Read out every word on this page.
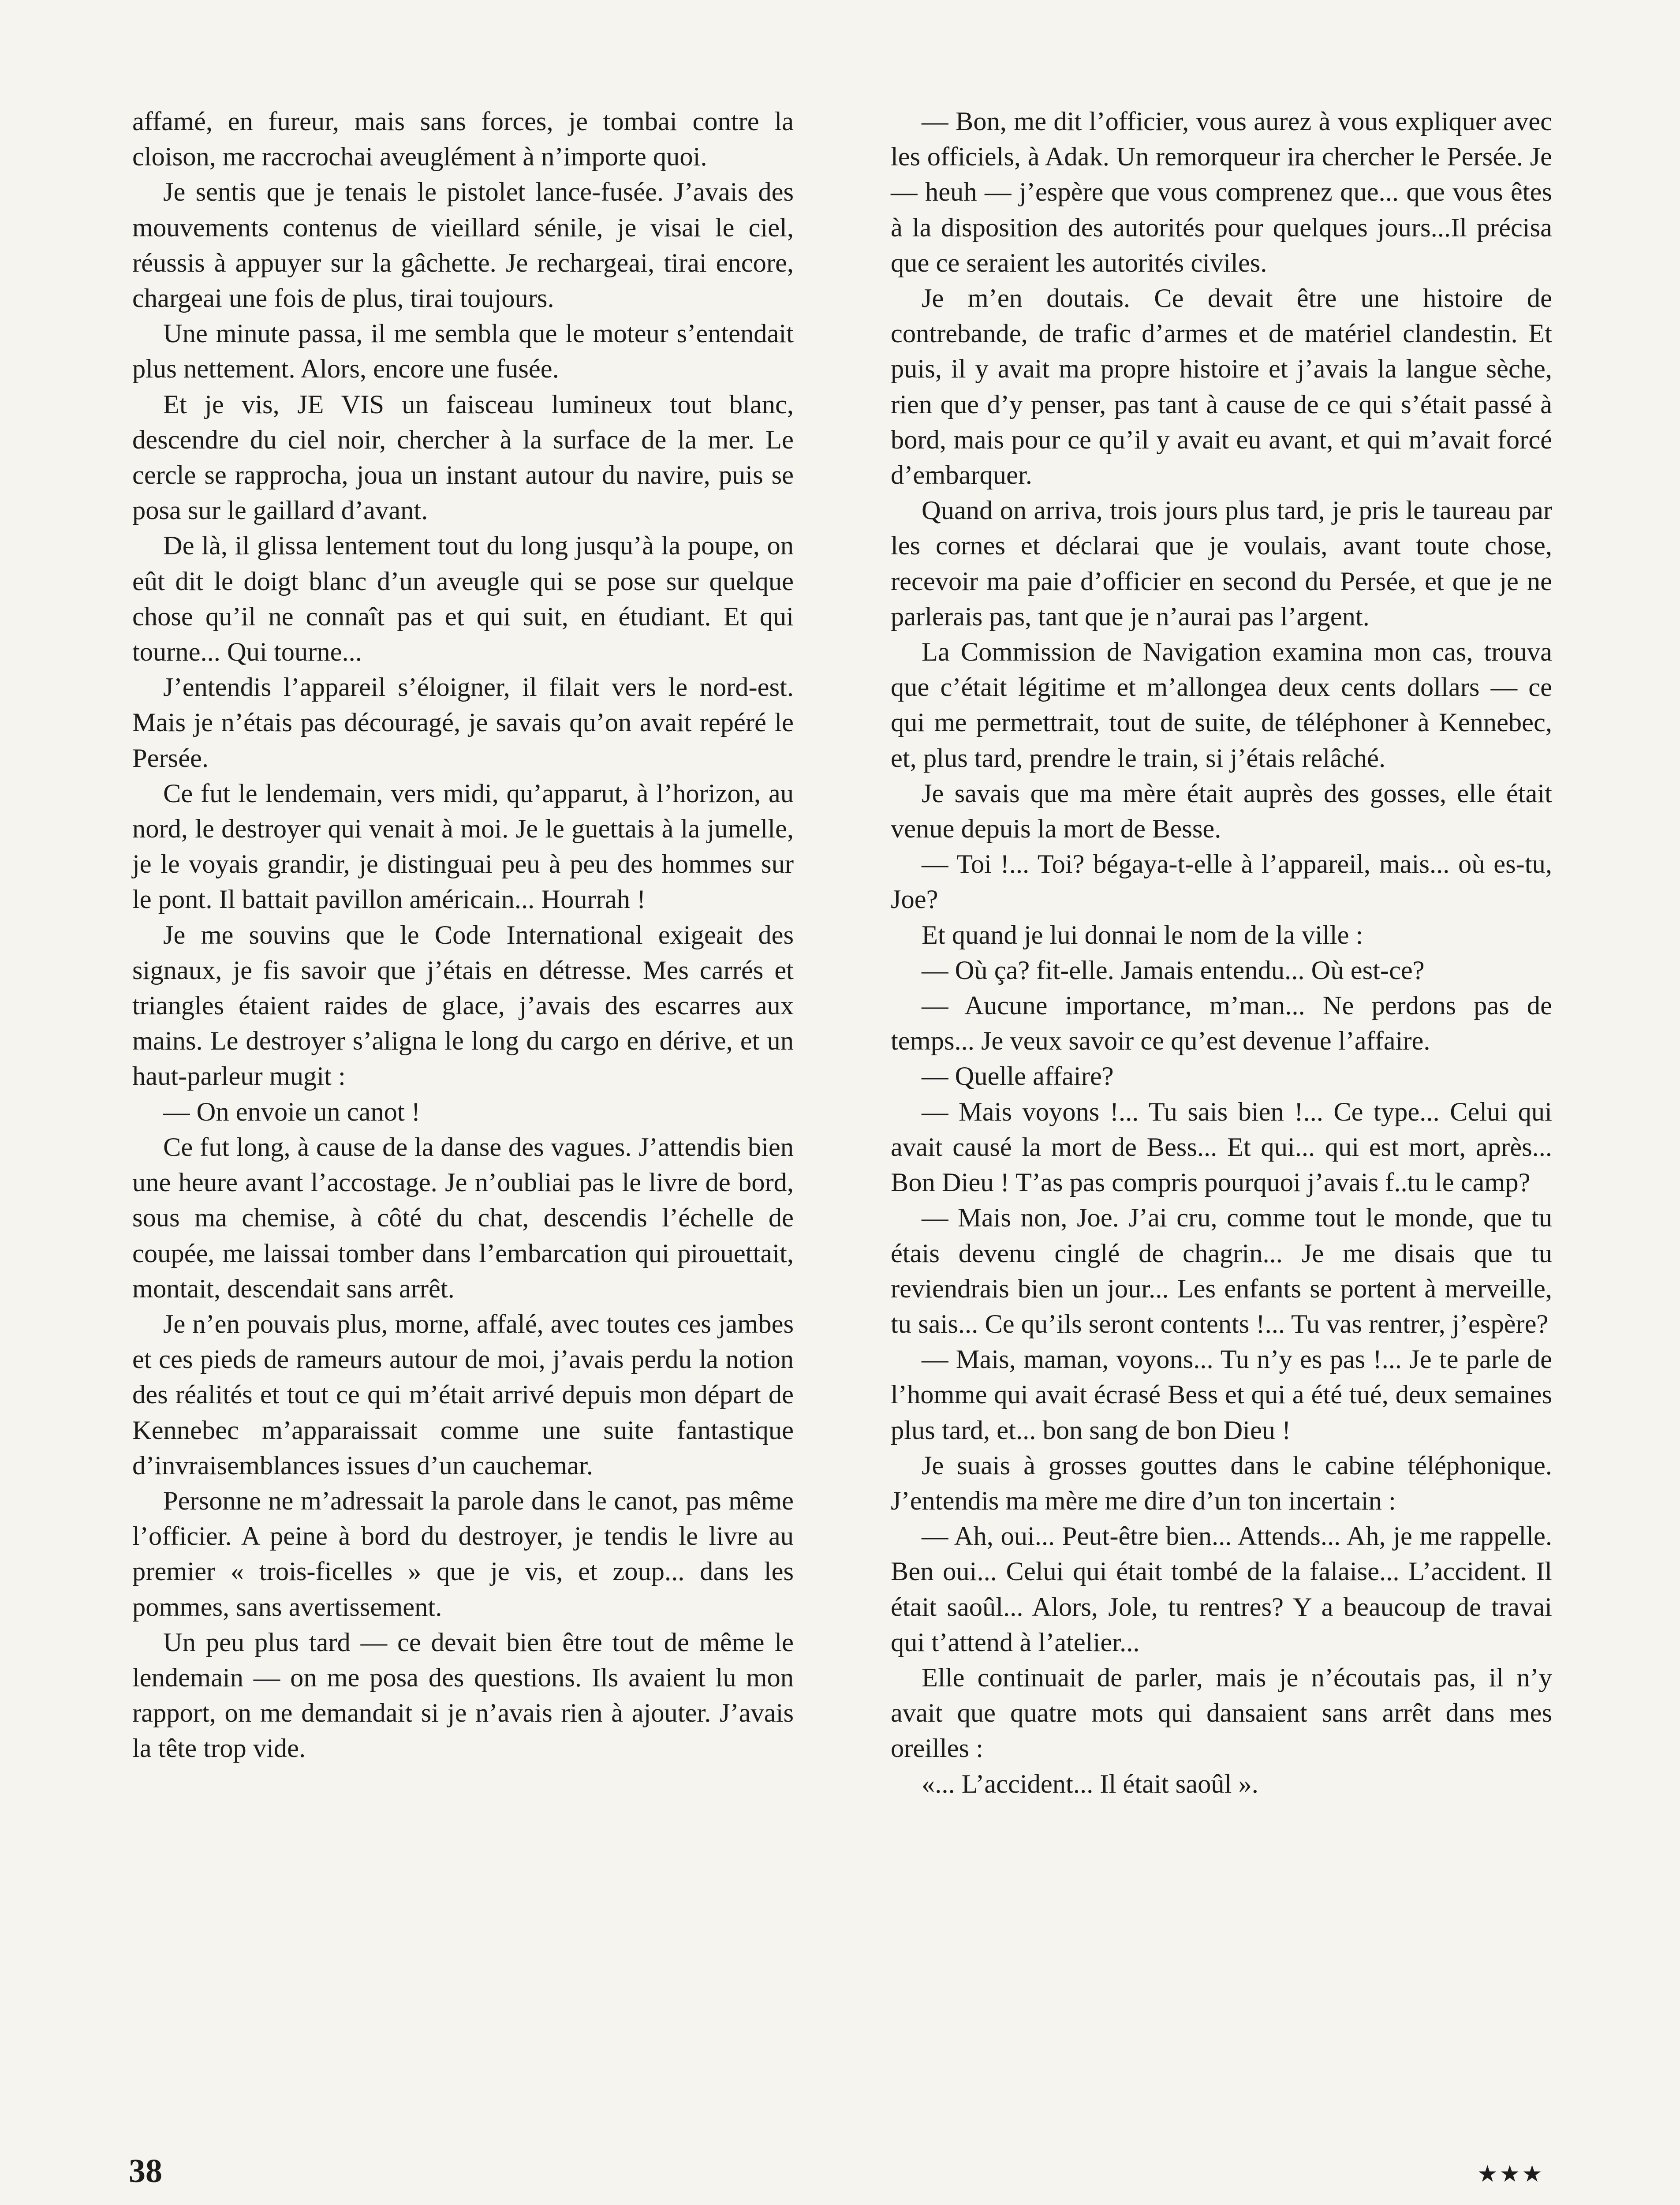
affamé, en fureur, mais sans forces, je tombai contre la cloison, me raccrochai aveuglément à n’importe quoi.

Je sentis que je tenais le pistolet lance-fusée. J’avais des mouvements contenus de vieillard sénile, je visai le ciel, réussis à appuyer sur la gâchette. Je rechargeai, tirai encore, chargeai une fois de plus, tirai toujours.

Une minute passa, il me sembla que le moteur s’entendait plus nettement. Alors, encore une fusée.

Et je vis, JE VIS un faisceau lumineux tout blanc, descendre du ciel noir, chercher à la surface de la mer. Le cercle se rapprocha, joua un instant autour du navire, puis se posa sur le gaillard d’avant.

De là, il glissa lentement tout du long jusqu’à la poupe, on eût dit le doigt blanc d’un aveugle qui se pose sur quelque chose qu’il ne connaît pas et qui suit, en étudiant. Et qui tourne... Qui tourne...

J’entendis l’appareil s’éloigner, il filait vers le nord-est. Mais je n’étais pas découragé, je savais qu’on avait repéré le Persée.

Ce fut le lendemain, vers midi, qu’apparut, à l’horizon, au nord, le destroyer qui venait à moi. Je le guettais à la jumelle, je le voyais grandir, je distinguai peu à peu des hommes sur le pont. Il battait pavillon américain... Hourrah !

Je me souvins que le Code International exigeait des signaux, je fis savoir que j’étais en détresse. Mes carrés et triangles étaient raides de glace, j’avais des escarres aux mains. Le destroyer s’aligna le long du cargo en dérive, et un haut-parleur mugit :

— On envoie un canot !

Ce fut long, à cause de la danse des vagues. J’attendis bien une heure avant l’accostage. Je n’oubliai pas le livre de bord, sous ma chemise, à côté du chat, descendis l’échelle de coupée, me laissai tomber dans l’embarcation qui pirouettait, montait, descendait sans arrêt.

Je n’en pouvais plus, morne, affalé, avec toutes ces jambes et ces pieds de rameurs autour de moi, j’avais perdu la notion des réalités et tout ce qui m’était arrivé depuis mon départ de Kennebec m’apparaissait comme une suite fantastique d’invraisemblances issues d’un cauchemar.

Personne ne m’adressait la parole dans le canot, pas même l’officier. A peine à bord du destroyer, je tendis le livre au premier « trois-ficelles » que je vis, et zoup... dans les pommes, sans avertissement.

Un peu plus tard — ce devait bien être tout de même le lendemain — on me posa des questions. Ils avaient lu mon rapport, on me demandait si je n’avais rien à ajouter. J’avais la tête trop vide.

— Bon, me dit l’officier, vous aurez à vous expliquer avec les officiels, à Adak. Un remorqueur ira chercher le Persée. Je — heuh — j’espère que vous comprenez que... que vous êtes à la disposition des autorités pour quelques jours...Il précisa que ce seraient les autorités civiles.

Je m’en doutais. Ce devait être une histoire de contrebande, de trafic d’armes et de matériel clandestin. Et puis, il y avait ma propre histoire et j’avais la langue sèche, rien que d’y penser, pas tant à cause de ce qui s’était passé à bord, mais pour ce qu’il y avait eu avant, et qui m’avait forcé d’embarquer.

Quand on arriva, trois jours plus tard, je pris le taureau par les cornes et déclarai que je voulais, avant toute chose, recevoir ma paie d’officier en second du Persée, et que je ne parlerais pas, tant que je n’aurai pas l’argent.

La Commission de Navigation examina mon cas, trouva que c’était légitime et m’allongea deux cents dollars — ce qui me permettrait, tout de suite, de téléphoner à Kennebec, et, plus tard, prendre le train, si j’étais relâché.

Je savais que ma mère était auprès des gosses, elle était venue depuis la mort de Besse.

— Toi !... Toi? bégaya-t-elle à l’appareil, mais... où es-tu, Joe?

Et quand je lui donnai le nom de la ville :

— Où ça? fit-elle. Jamais entendu... Où est-ce?

— Aucune importance, m’man... Ne perdons pas de temps... Je veux savoir ce qu’est devenue l’affaire.

— Quelle affaire?

— Mais voyons !... Tu sais bien !... Ce type... Celui qui avait causé la mort de Bess... Et qui... qui est mort, après... Bon Dieu ! T’as pas compris pourquoi j’avais f..tu le camp?

— Mais non, Joe. J’ai cru, comme tout le monde, que tu étais devenu cinglé de chagrin... Je me disais que tu reviendrais bien un jour... Les enfants se portent à merveille, tu sais... Ce qu’ils seront contents !... Tu vas rentrer, j’espère?

— Mais, maman, voyons... Tu n’y es pas !... Je te parle de l’homme qui avait écrasé Bess et qui a été tué, deux semaines plus tard, et... bon sang de bon Dieu !

Je suais à grosses gouttes dans le cabine téléphonique. J’entendis ma mère me dire d’un ton incertain :

— Ah, oui... Peut-être bien... Attends... Ah, je me rappelle. Ben oui... Celui qui était tombé de la falaise... L’accident. Il était saoûl... Alors, Jole, tu rentres? Y a beaucoup de travai qui t’attend à l’atelier...

Elle continuait de parler, mais je n’écoutais pas, il n’y avait que quatre mots qui dansaient sans arrêt dans mes oreilles :

«... L’accident... Il était saoûl ».

★★★
38
